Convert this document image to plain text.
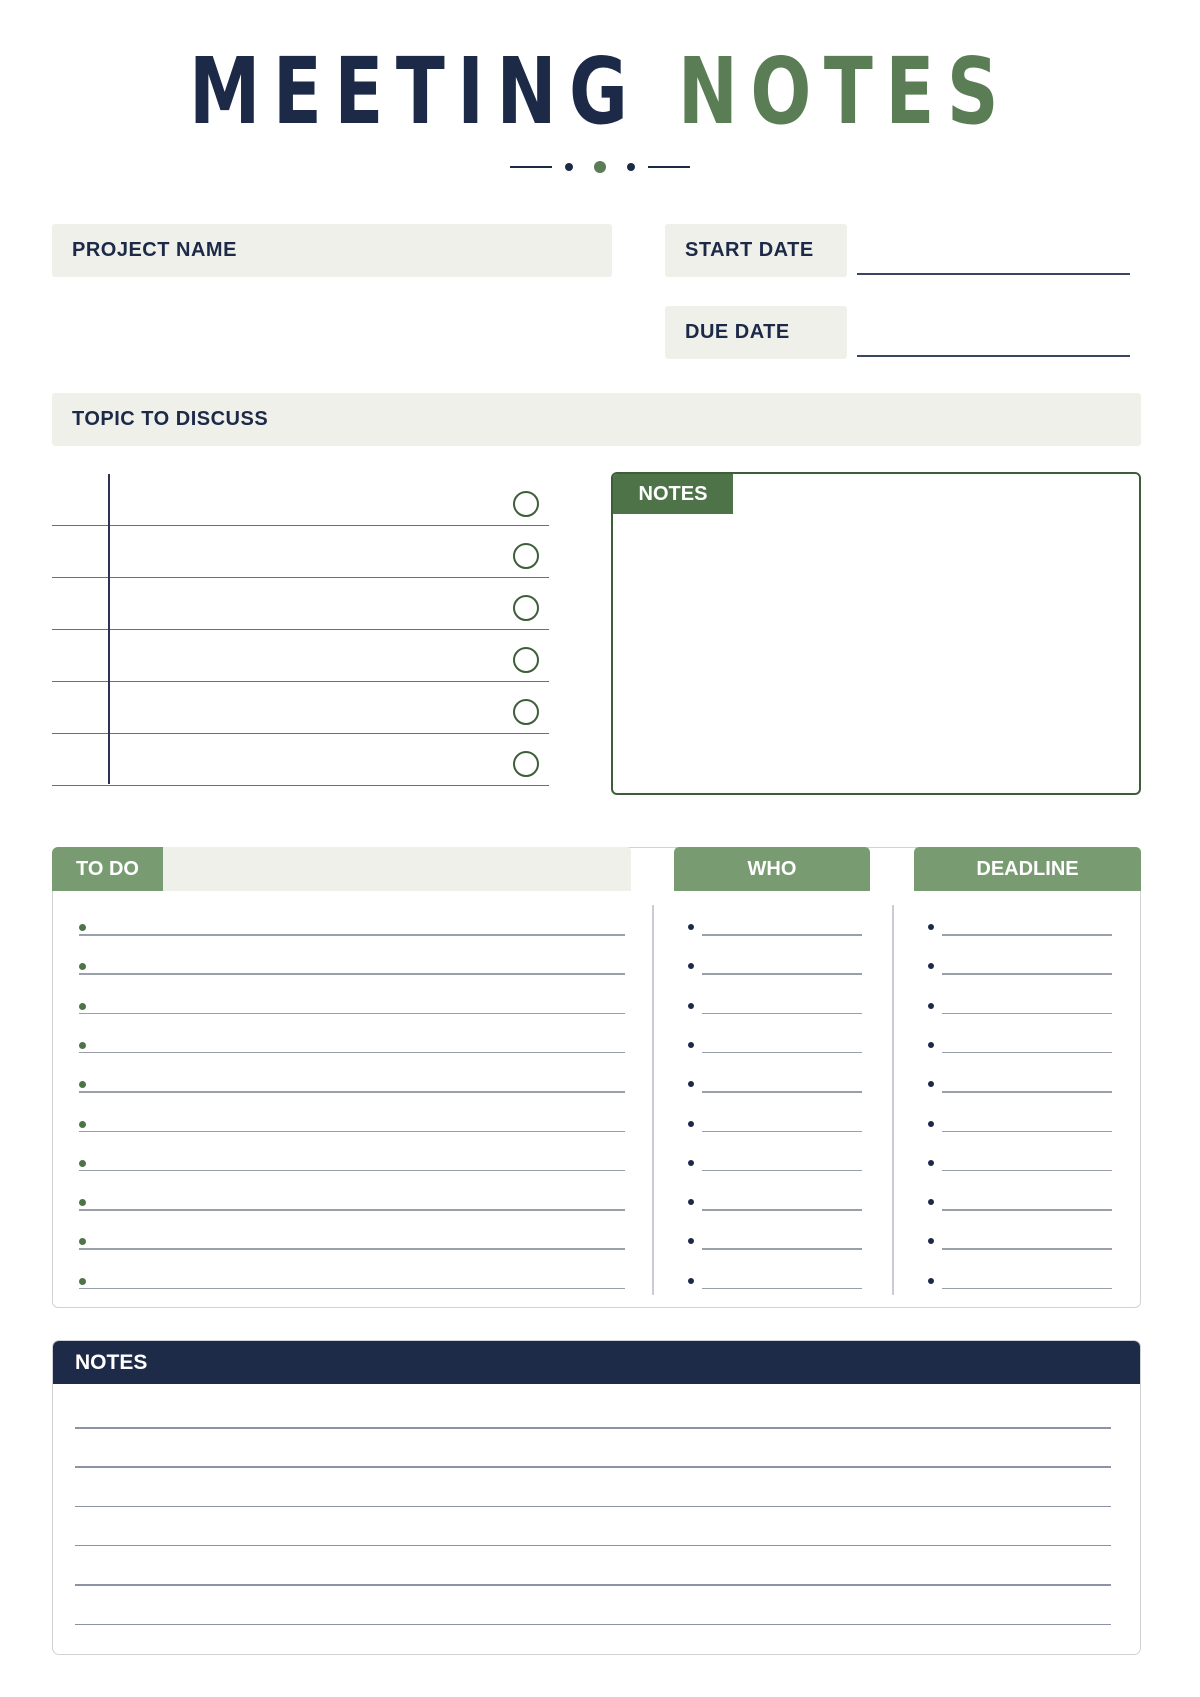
MEETING NOTES
PROJECT NAME	START DATE
DUE DATE
TOPIC TO DISCUSS
NOTES
TO DO	WHO	DEADLINE
NOTES
